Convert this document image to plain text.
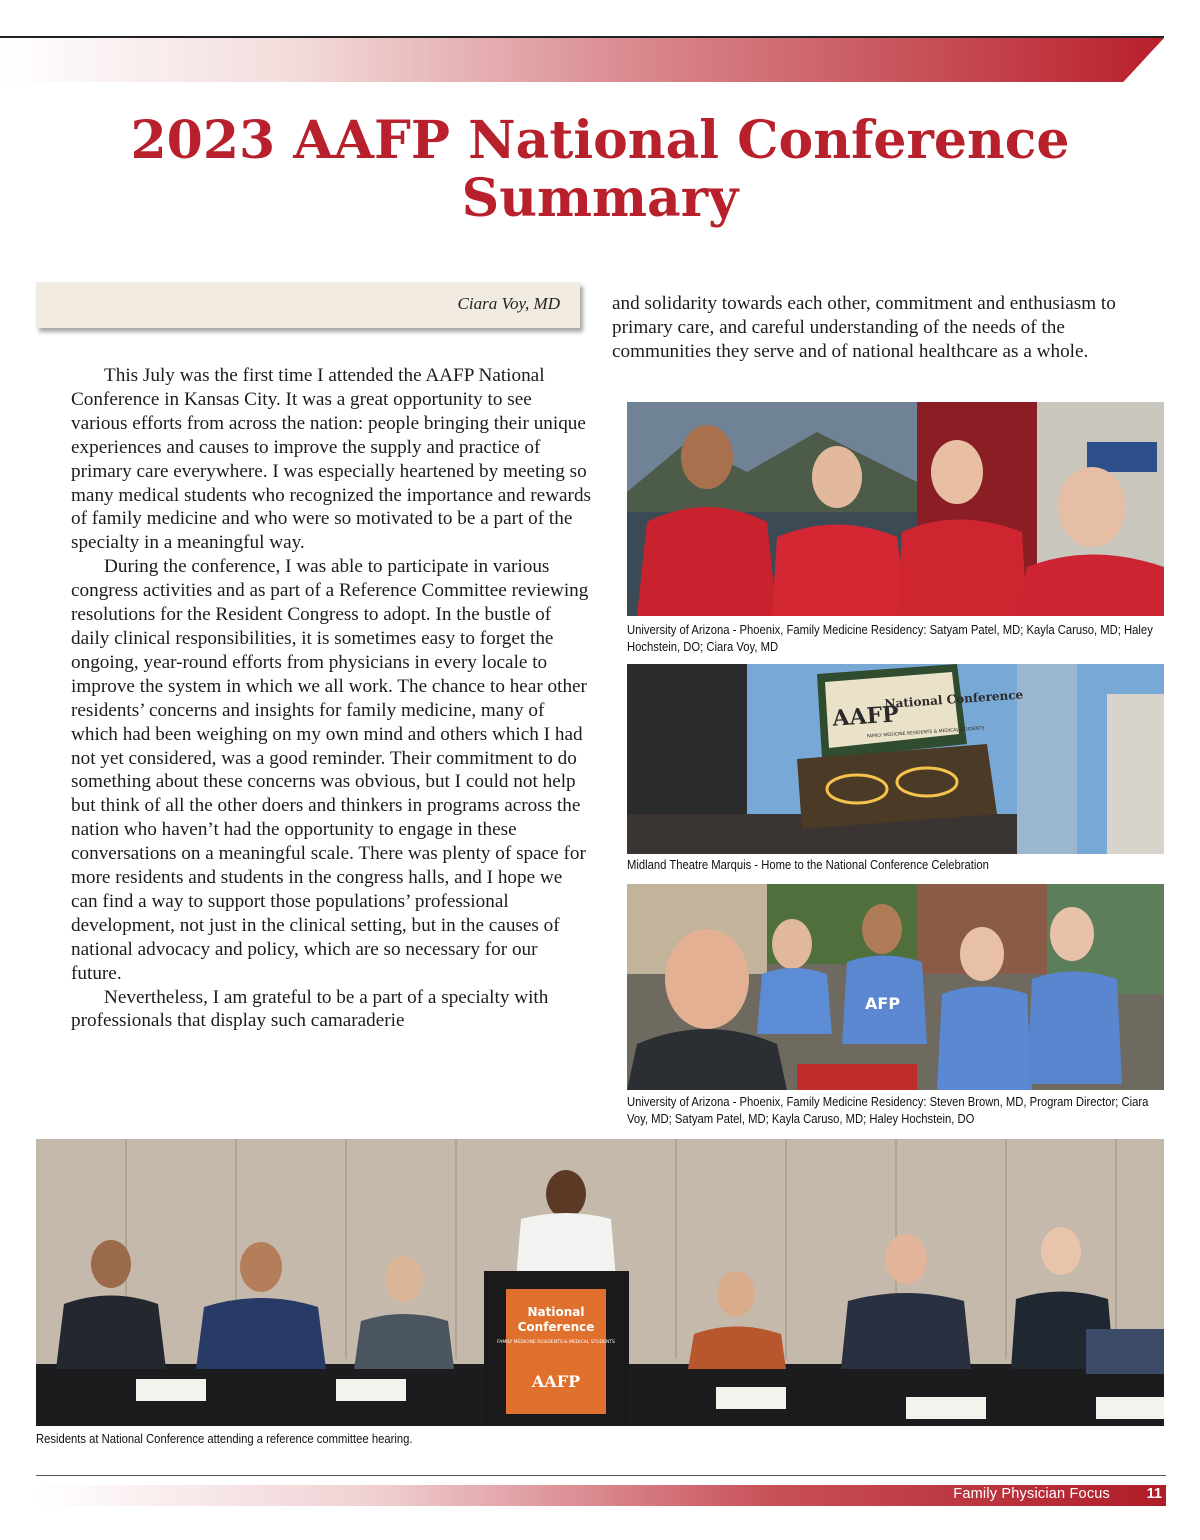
2023 AAFP National Conference
Summary
Ciara Voy, MD

This July was the first time I attended the AAFP National Conference in Kansas City. It was a great opportunity to see various efforts from across the nation: people bringing their unique experiences and causes to improve the supply and practice of primary care everywhere. I was especially heartened by meeting so many medical students who recognized the importance and rewards of family medicine and who were so motivated to be a part of the specialty in a meaningful way.

During the conference, I was able to participate in various congress activities and as part of a Reference Committee reviewing resolutions for the Resident Congress to adopt. In the bustle of daily clinical responsibilities, it is sometimes easy to forget the ongoing, year-round efforts from physicians in every locale to improve the system in which we all work. The chance to hear other residents’ concerns and insights for family medicine, many of which had been weighing on my own mind and others which I had not yet considered, was a good reminder. Their commitment to do something about these concerns was obvious, but I could not help but think of all the other doers and thinkers in programs across the nation who haven’t had the opportunity to engage in these conversations on a meaningful scale. There was plenty of space for more residents and students in the congress halls, and I hope we can find a way to support those populations’ professional development, not just in the clinical setting, but in the causes of national advocacy and policy, which are so necessary for our future.

Nevertheless, I am grateful to be a part of a specialty with professionals that display such camaraderie

and solidarity towards each other, commitment and enthusiasm to primary care, and careful understanding of the needs of the communities they serve and of national healthcare as a whole.

University of Arizona - Phoenix, Family Medicine Residency: Satyam Patel, MD; Kayla Caruso, MD; Haley Hochstein, DO; Ciara Voy, MD
AAFP
National Conference
FAMILY MEDICINE RESIDENTS & MEDICAL STUDENTS
Midland Theatre Marquis - Home to the National Conference Celebration
AFP
University of Arizona - Phoenix, Family Medicine Residency: Steven Brown, MD, Program Director; Ciara Voy, MD; Satyam Patel, MD; Kayla Caruso, MD; Haley Hochstein, DO
National
Conference
FAMILY MEDICINE RESIDENTS & MEDICAL STUDENTS
AAFP
Residents at National Conference attending a reference committee hearing.
Family Physician Focus	11
